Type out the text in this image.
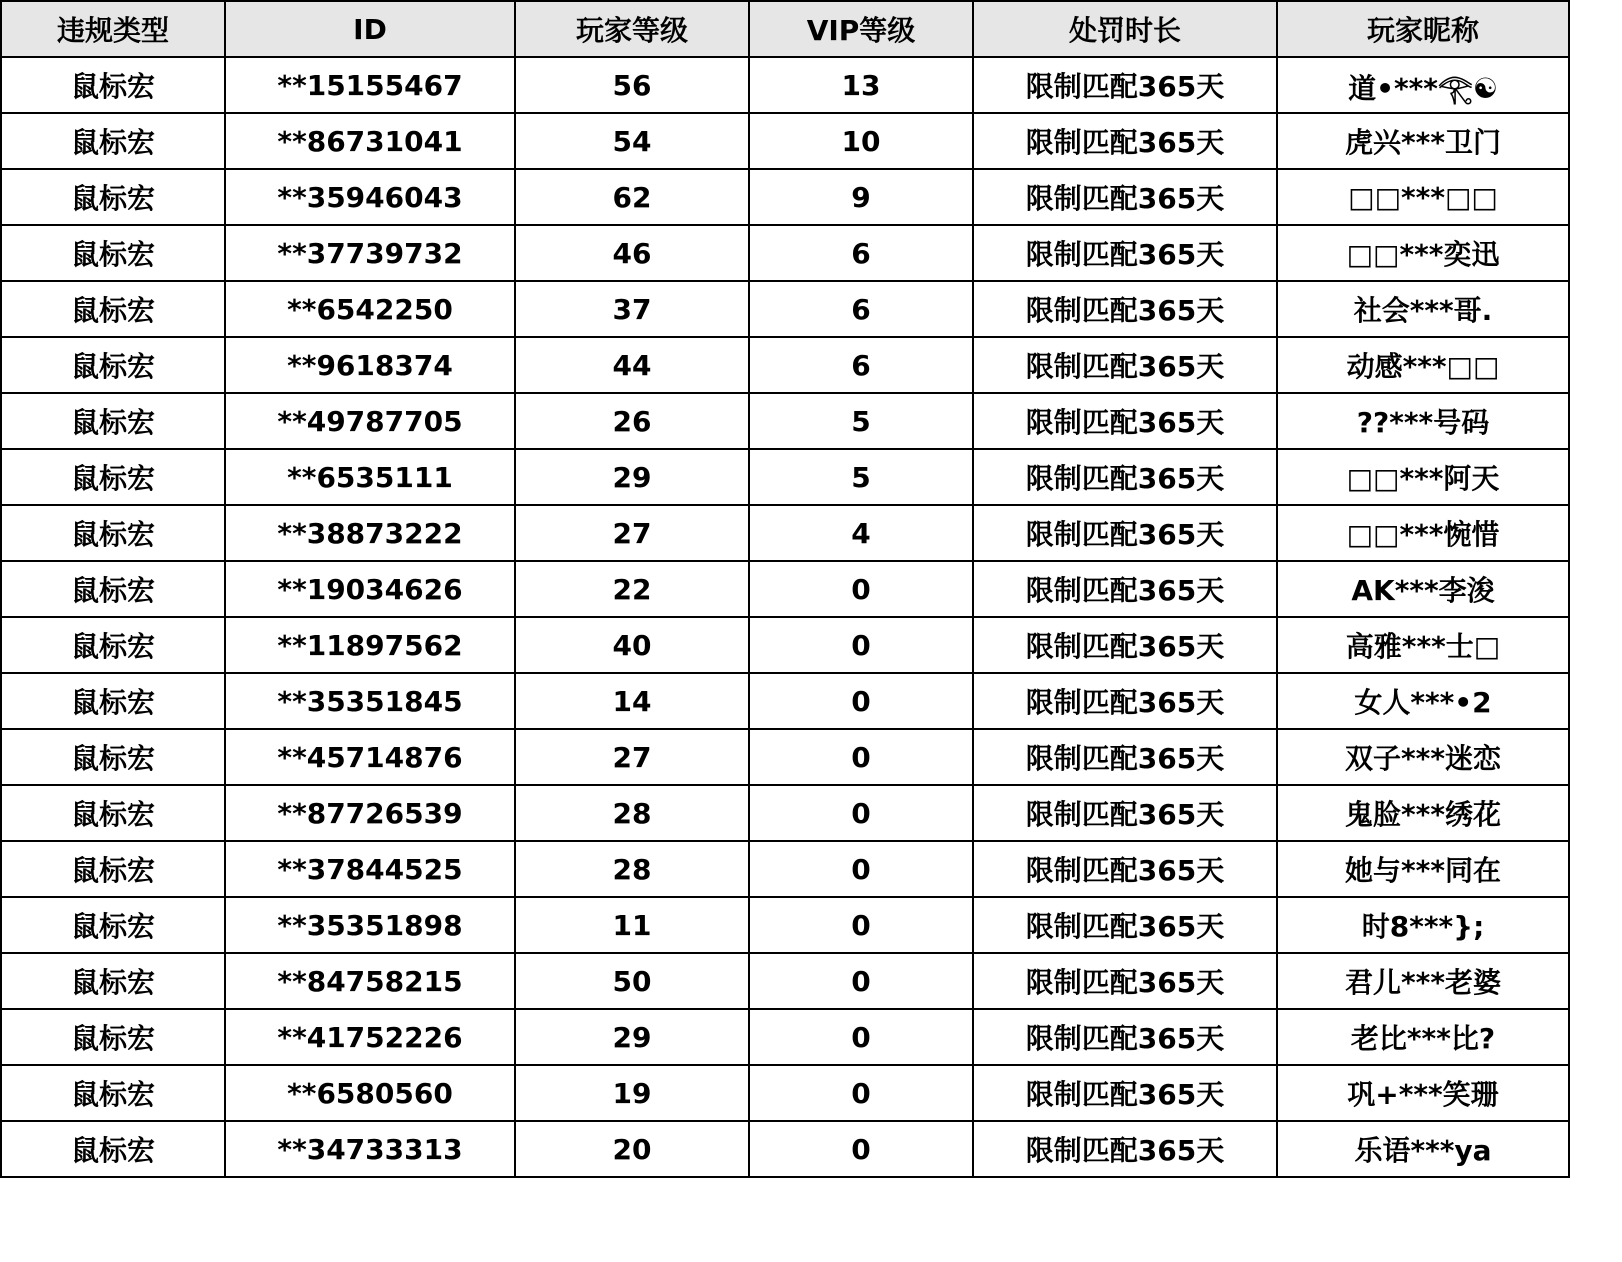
违规类型	ID	玩家等级	VIP等级	处罚时长	玩家昵称
鼠标宏	**15155467	56	13	限制匹配365天	道•***𓂀☯
鼠标宏	**86731041	54	10	限制匹配365天	虎兴***卫门
鼠标宏	**35946043	62	9	限制匹配365天	□□***□□
鼠标宏	**37739732	46	6	限制匹配365天	□□***奕迅
鼠标宏	**6542250	37	6	限制匹配365天	社会***哥.
鼠标宏	**9618374	44	6	限制匹配365天	动感***□□
鼠标宏	**49787705	26	5	限制匹配365天	??***号码
鼠标宏	**6535111	29	5	限制匹配365天	□□***阿天
鼠标宏	**38873222	27	4	限制匹配365天	□□***惋惜
鼠标宏	**19034626	22	0	限制匹配365天	AK***李浚
鼠标宏	**11897562	40	0	限制匹配365天	高雅***士□
鼠标宏	**35351845	14	0	限制匹配365天	女人***•2
鼠标宏	**45714876	27	0	限制匹配365天	双子***迷恋
鼠标宏	**87726539	28	0	限制匹配365天	鬼脸***绣花
鼠标宏	**37844525	28	0	限制匹配365天	她与***同在
鼠标宏	**35351898	11	0	限制匹配365天	时8***};
鼠标宏	**84758215	50	0	限制匹配365天	君儿***老婆
鼠标宏	**41752226	29	0	限制匹配365天	老比***比?
鼠标宏	**6580560	19	0	限制匹配365天	巩+***笑珊
鼠标宏	**34733313	20	0	限制匹配365天	乐语***ya
